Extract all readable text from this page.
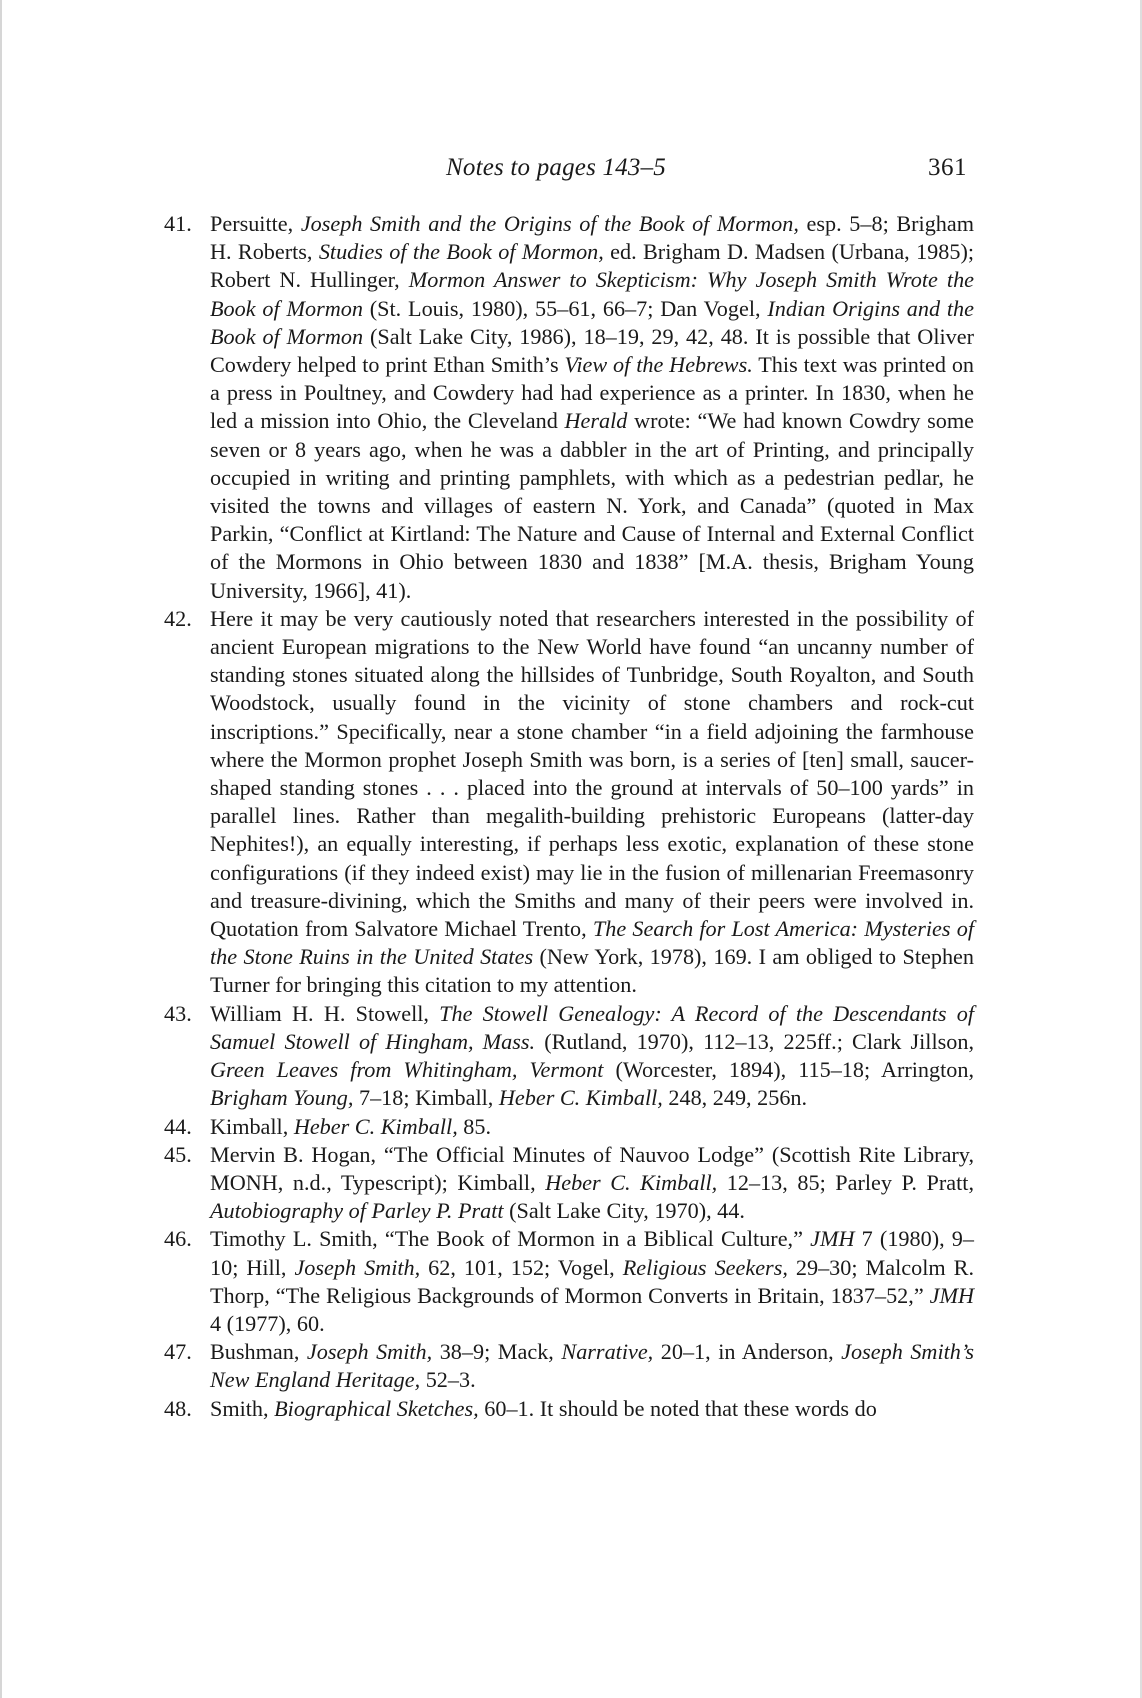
Notes to pages 143–5	361
41. Persuitte, Joseph Smith and the Origins of the Book of Mormon, esp. 5–8; Brigham H. Roberts, Studies of the Book of Mormon, ed. Brigham D. Madsen (Urbana, 1985); Robert N. Hullinger, Mormon Answer to Skepticism: Why Joseph Smith Wrote the Book of Mormon (St. Louis, 1980), 55–61, 66–7; Dan Vogel, Indian Origins and the Book of Mormon (Salt Lake City, 1986), 18–19, 29, 42, 48. It is possible that Oliver Cowdery helped to print Ethan Smith’s View of the Hebrews. This text was printed on a press in Poultney, and Cowdery had had experience as a printer. In 1830, when he led a mission into Ohio, the Cleveland Herald wrote: “We had known Cowdry some seven or 8 years ago, when he was a dabbler in the art of Printing, and principally occupied in writing and printing pamphlets, with which as a pedestrian pedlar, he visited the towns and villages of eastern N. York, and Canada” (quoted in Max Parkin, “Conflict at Kirtland: The Nature and Cause of Internal and External Conflict of the Mormons in Ohio between 1830 and 1838” [M.A. thesis, Brigham Young University, 1966], 41).
42. Here it may be very cautiously noted that researchers interested in the possibility of ancient European migrations to the New World have found “an uncanny number of standing stones situated along the hillsides of Tunbridge, South Royalton, and South Woodstock, usually found in the vicinity of stone chambers and rock-cut inscriptions.” Specifically, near a stone chamber “in a field adjoining the farmhouse where the Mormon prophet Joseph Smith was born, is a series of [ten] small, saucer-shaped standing stones . . . placed into the ground at intervals of 50–100 yards” in parallel lines. Rather than megalith-building prehistoric Europeans (latter-day Nephites!), an equally interesting, if perhaps less exotic, explanation of these stone configurations (if they indeed exist) may lie in the fusion of millenarian Freemasonry and treasure-divining, which the Smiths and many of their peers were involved in. Quotation from Salvatore Michael Trento, The Search for Lost America: Mysteries of the Stone Ruins in the United States (New York, 1978), 169. I am obliged to Stephen Turner for bringing this citation to my attention.
43. William H. H. Stowell, The Stowell Genealogy: A Record of the Descendants of Samuel Stowell of Hingham, Mass. (Rutland, 1970), 112–13, 225ff.; Clark Jillson, Green Leaves from Whitingham, Vermont (Worcester, 1894), 115–18; Arrington, Brigham Young, 7–18; Kimball, Heber C. Kimball, 248, 249, 256n.
44. Kimball, Heber C. Kimball, 85.
45. Mervin B. Hogan, “The Official Minutes of Nauvoo Lodge” (Scottish Rite Library, MONH, n.d., Typescript); Kimball, Heber C. Kimball, 12–13, 85; Parley P. Pratt, Autobiography of Parley P. Pratt (Salt Lake City, 1970), 44.
46. Timothy L. Smith, “The Book of Mormon in a Biblical Culture,” JMH 7 (1980), 9–10; Hill, Joseph Smith, 62, 101, 152; Vogel, Religious Seekers, 29–30; Malcolm R. Thorp, “The Religious Backgrounds of Mormon Converts in Britain, 1837–52,” JMH 4 (1977), 60.
47. Bushman, Joseph Smith, 38–9; Mack, Narrative, 20–1, in Anderson, Joseph Smith’s New England Heritage, 52–3.
48. Smith, Biographical Sketches, 60–1. It should be noted that these words do
